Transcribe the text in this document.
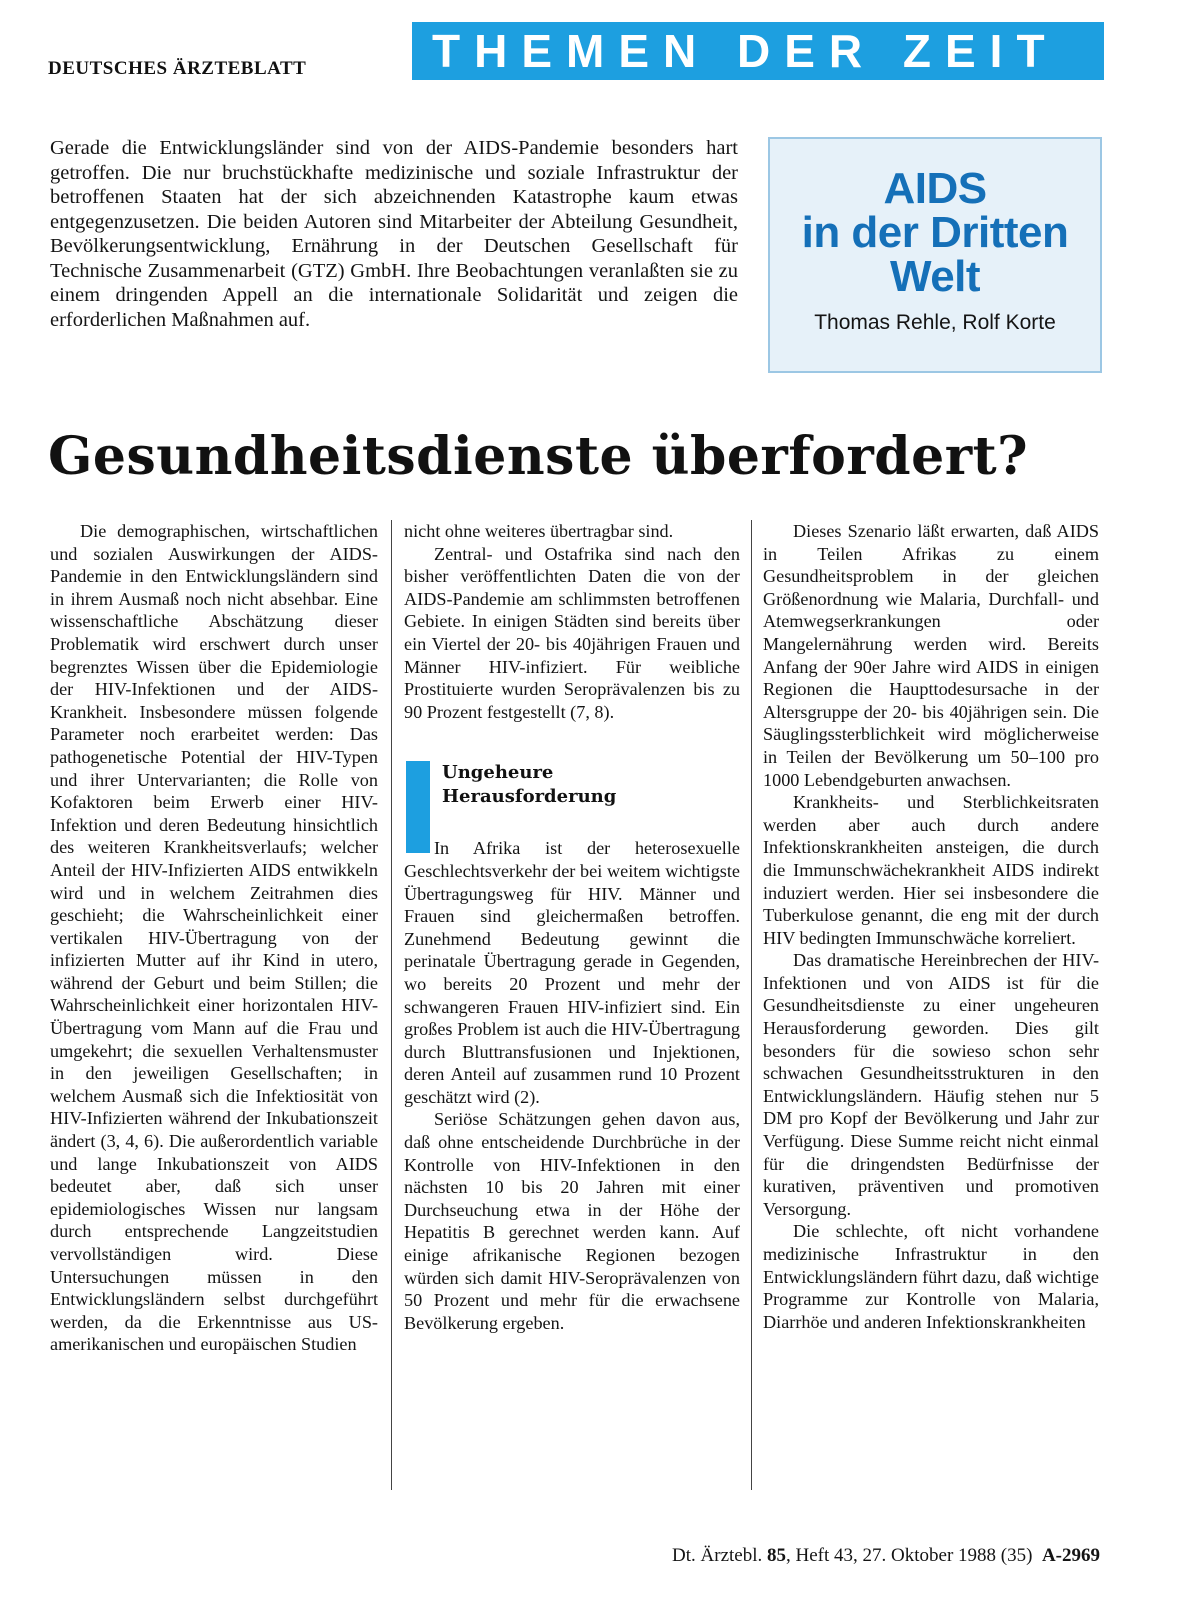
DEUTSCHES ÄRZTEBLATT	THEMEN DER ZEIT
Gerade die Entwicklungsländer sind von der AIDS-Pandemie besonders hart getroffen. Die nur bruchstückhafte medizinische und soziale Infrastruktur der betroffenen Staaten hat der sich abzeichnenden Katastrophe kaum etwas entgegenzusetzen. Die beiden Autoren sind Mitarbeiter der Abteilung Gesundheit, Bevölkerungsentwicklung, Ernährung in der Deutschen Gesellschaft für Technische Zusammenarbeit (GTZ) GmbH. Ihre Beobachtungen veranlaßten sie zu einem dringenden Appell an die internationale Solidarität und zeigen die erforderlichen Maßnahmen auf.
AIDS
in der Dritten
Welt
Thomas Rehle, Rolf Korte
Gesundheitsdienste überfordert?

Die demographischen, wirtschaftlichen und sozialen Auswirkungen der AIDS-Pandemie in den Entwicklungsländern sind in ihrem Ausmaß noch nicht absehbar. Eine wissenschaftliche Abschätzung dieser Problematik wird erschwert durch unser begrenztes Wissen über die Epidemiologie der HIV-Infektionen und der AIDS-Krankheit. Insbesondere müssen folgende Parameter noch erarbeitet werden: Das pathogenetische Potential der HIV-Typen und ihrer Untervarianten; die Rolle von Kofaktoren beim Erwerb einer HIV-Infektion und deren Bedeutung hinsichtlich des weiteren Krankheitsverlaufs; welcher Anteil der HIV-Infizierten AIDS entwikkeln wird und in welchem Zeitrahmen dies geschieht; die Wahrscheinlichkeit einer vertikalen HIV-Übertragung von der infizierten Mutter auf ihr Kind in utero, während der Geburt und beim Stillen; die Wahrscheinlichkeit einer horizontalen HIV-Übertragung vom Mann auf die Frau und umgekehrt; die sexuellen Verhaltensmuster in den jeweiligen Gesellschaften; in welchem Ausmaß sich die Infektiosität von HIV-Infizierten während der Inkubationszeit ändert (3, 4, 6). Die außerordentlich variable und lange Inkubationszeit von AIDS bedeutet aber, daß sich unser epidemiologisches Wissen nur langsam durch entsprechende Langzeitstudien vervollständigen wird. Diese Untersuchungen müssen in den Entwicklungsländern selbst durchgeführt werden, da die Erkenntnisse aus US-amerikanischen und europäischen Studien

nicht ohne weiteres übertragbar sind.

Zentral- und Ostafrika sind nach den bisher veröffentlichten Daten die von der AIDS-Pandemie am schlimmsten betroffenen Gebiete. In einigen Städten sind bereits über ein Viertel der 20- bis 40jährigen Frauen und Männer HIV-infiziert. Für weibliche Prostituierte wurden Seroprävalenzen bis zu 90 Prozent festgestellt (7, 8).

Ungeheure
Herausforderung

In Afrika ist der heterosexuelle Geschlechtsverkehr der bei weitem wichtigste Übertragungsweg für HIV. Männer und Frauen sind gleichermaßen betroffen. Zunehmend Bedeutung gewinnt die perinatale Übertragung gerade in Gegenden, wo bereits 20 Prozent und mehr der schwangeren Frauen HIV-infiziert sind. Ein großes Problem ist auch die HIV-Übertragung durch Bluttransfusionen und Injektionen, deren Anteil auf zusammen rund 10 Prozent geschätzt wird (2).

Seriöse Schätzungen gehen davon aus, daß ohne entscheidende Durchbrüche in der Kontrolle von HIV-Infektionen in den nächsten 10 bis 20 Jahren mit einer Durchseuchung etwa in der Höhe der Hepatitis B gerechnet werden kann. Auf einige afrikanische Regionen bezogen würden sich damit HIV-Seroprävalenzen von 50 Prozent und mehr für die erwachsene Bevölkerung ergeben.

Dieses Szenario läßt erwarten, daß AIDS in Teilen Afrikas zu einem Gesundheitsproblem in der gleichen Größenordnung wie Malaria, Durchfall- und Atemwegserkrankungen oder Mangelernährung werden wird. Bereits Anfang der 90er Jahre wird AIDS in einigen Regionen die Haupttodesursache in der Altersgruppe der 20- bis 40jährigen sein. Die Säuglingssterblichkeit wird möglicherweise in Teilen der Bevölkerung um 50–100 pro 1000 Lebendgeburten anwachsen.

Krankheits- und Sterblichkeitsraten werden aber auch durch andere Infektionskrankheiten ansteigen, die durch die Immunschwächekrankheit AIDS indirekt induziert werden. Hier sei insbesondere die Tuberkulose genannt, die eng mit der durch HIV bedingten Immunschwäche korreliert.

Das dramatische Hereinbrechen der HIV-Infektionen und von AIDS ist für die Gesundheitsdienste zu einer ungeheuren Herausforderung geworden. Dies gilt besonders für die sowieso schon sehr schwachen Gesundheitsstrukturen in den Entwicklungsländern. Häufig stehen nur 5 DM pro Kopf der Bevölkerung und Jahr zur Verfügung. Diese Summe reicht nicht einmal für die dringendsten Bedürfnisse der kurativen, präventiven und promotiven Versorgung.

Die schlechte, oft nicht vorhandene medizinische Infrastruktur in den Entwicklungsländern führt dazu, daß wichtige Programme zur Kontrolle von Malaria, Diarrhöe und anderen Infektionskrankheiten

Dt. Ärztebl. 85, Heft 43, 27. Oktober 1988 (35) A-2969
